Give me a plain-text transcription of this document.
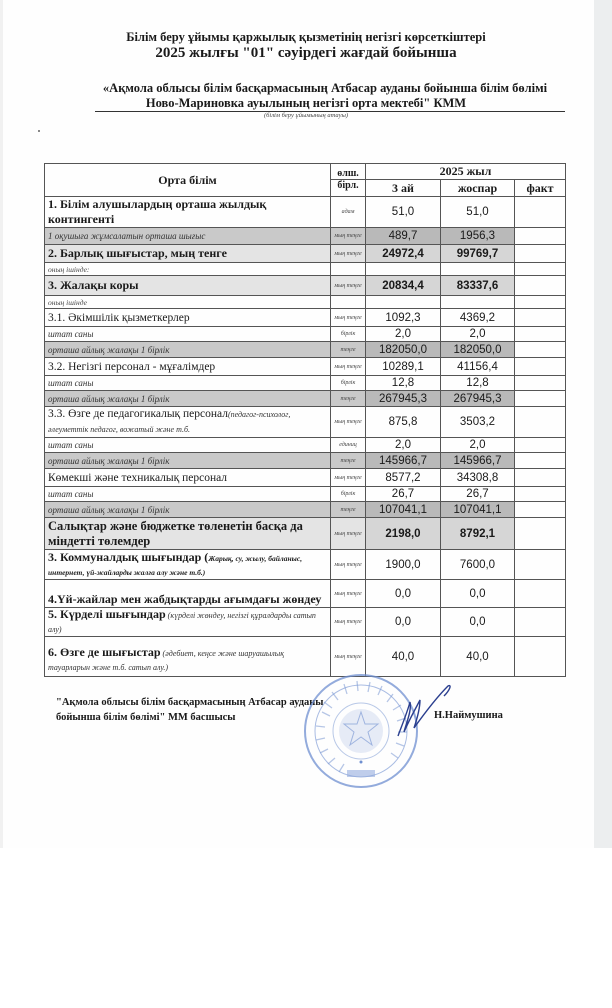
Білім беру ұйымы қаржылық қызметінің негізгі көрсеткіштері
2025 жылғы "01" сәуірдегі жағдай бойынша
«Ақмола облысы білім басқармасының Атбасар ауданы бойынша білім бөлімі
Ново-Мариновка ауылының негізгі орта мектебі" КММ
(білім беру ұйымының атауы)
Орта білім	өлш.	2025 жыл		
	бірл.	3 ай	жоспар	факт
1. Білім алушылардың орташа жылдық контингенті	адам	51,0	51,0	
1 оқушыға жұмсалатын орташа шығыс	мың теңге	489,7	1956,3	
2. Барлық шығыстар, мың тенге	мың теңге	24972,4	99769,7	
оның ішінде:				
3. Жалақы коры	мың теңге	20834,4	83337,6	
оның ішінде				
3.1. Әкімшілік қызметкерлер	мың теңге	1092,3	4369,2	
штат саны	бірлік	2,0	2,0	
орташа айлық жалақы 1 бірлік	теңге	182050,0	182050,0	
3.2. Негізгі персонал - мұғалімдер	мың теңге	10289,1	41156,4	
штат саны	бірлік	12,8	12,8	
орташа айлық жалақы 1 бірлік	теңге	267945,3	267945,3	
3.3. Өзге де педагогикалық персонал(педагог-психолог, әлеуметтік педагог, вожатый және т.б.	мың теңге	875,8	3503,2	
штат саны	единиц	2,0	2,0	
орташа айлық жалақы 1 бірлік	теңге	145966,7	145966,7	
Көмекші және техникалық персонал	мың теңге	8577,2	34308,8	
штат саны	бірлік	26,7	26,7	
орташа айлық жалақы 1 бірлік	теңге	107041,1	107041,1	
Салықтар және бюджетке төленетін басқа да міндетті төлемдер	мың теңге	2198,0	8792,1	
3. Коммуналдық шығындар (Жарық, су, жылу, байланыс, интернет, үй-жайларды жалға алу және т.б.)	мың теңге	1900,0	7600,0	
4.Үй-жайлар мен жабдықтарды ағымдағы жөндеу	мың теңге	0,0	0,0	
5. Күрделі шығындар (күрделі жөндеу, негізгі құралдарды сатып алу)	мың теңге	0,0	0,0	
6. Өзге де шығыстар (әдебиет, кеңсе және шаруашылық тауарларын және т.б. сатып алу.)	мың теңге	40,0	40,0	
"Ақмола облысы білім басқармасының Атбасар ауданы
бойынша білім бөлімі" ММ басшысы	Н.Наймушина
